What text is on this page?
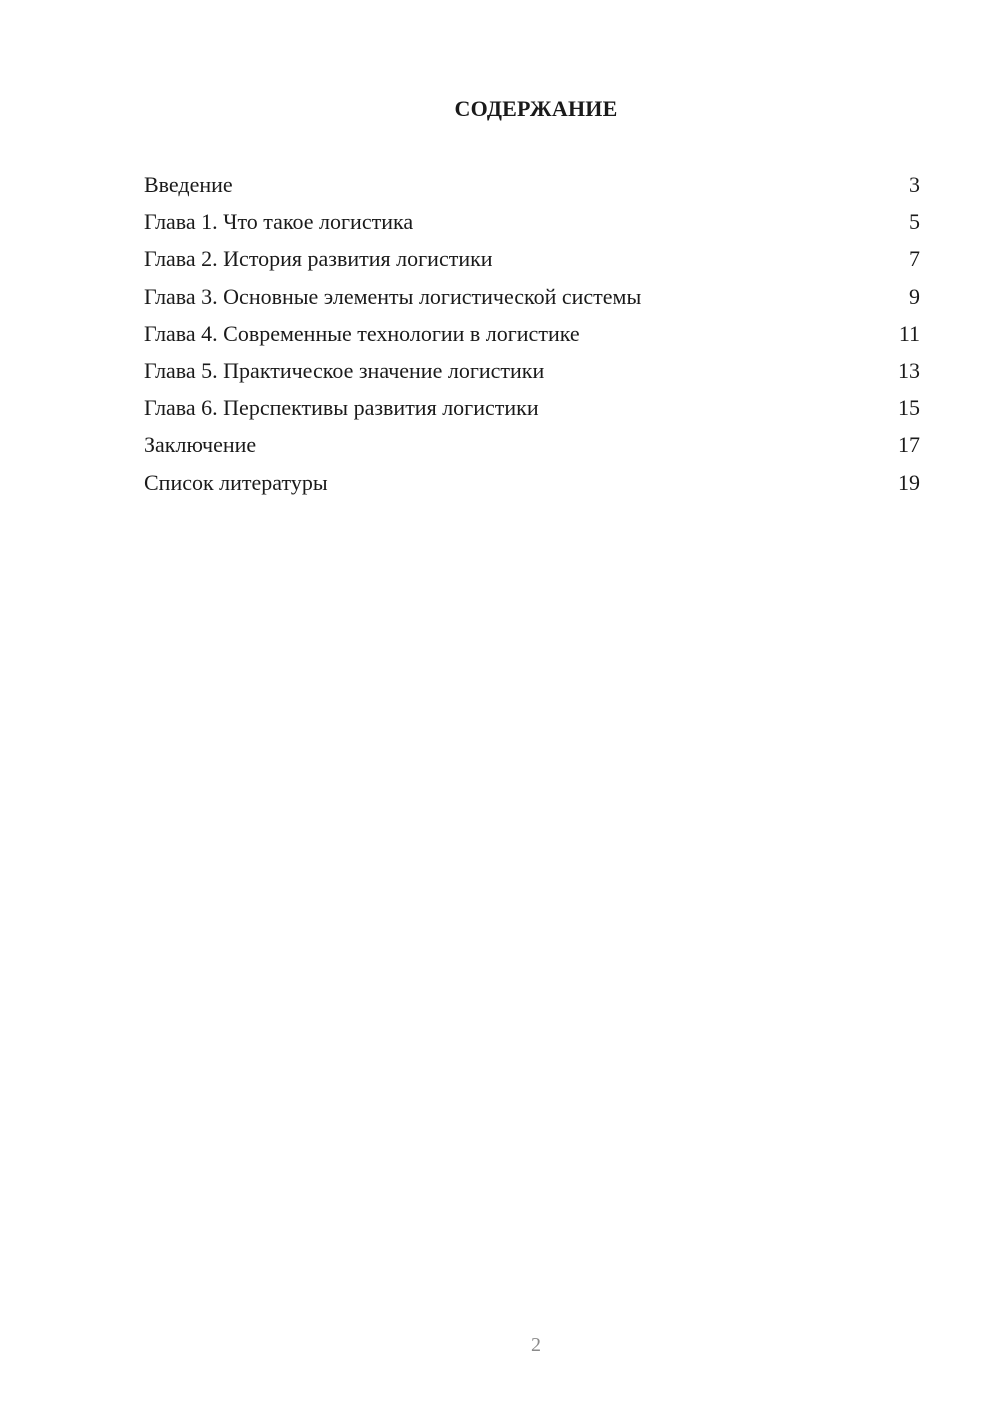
СОДЕРЖАНИЕ
Введение	3
Глава 1. Что такое логистика	5
Глава 2. История развития логистики	7
Глава 3. Основные элементы логистической системы	9
Глава 4. Современные технологии в логистике	11
Глава 5. Практическое значение логистики	13
Глава 6. Перспективы развития логистики	15
Заключение	17
Список литературы	19
2
